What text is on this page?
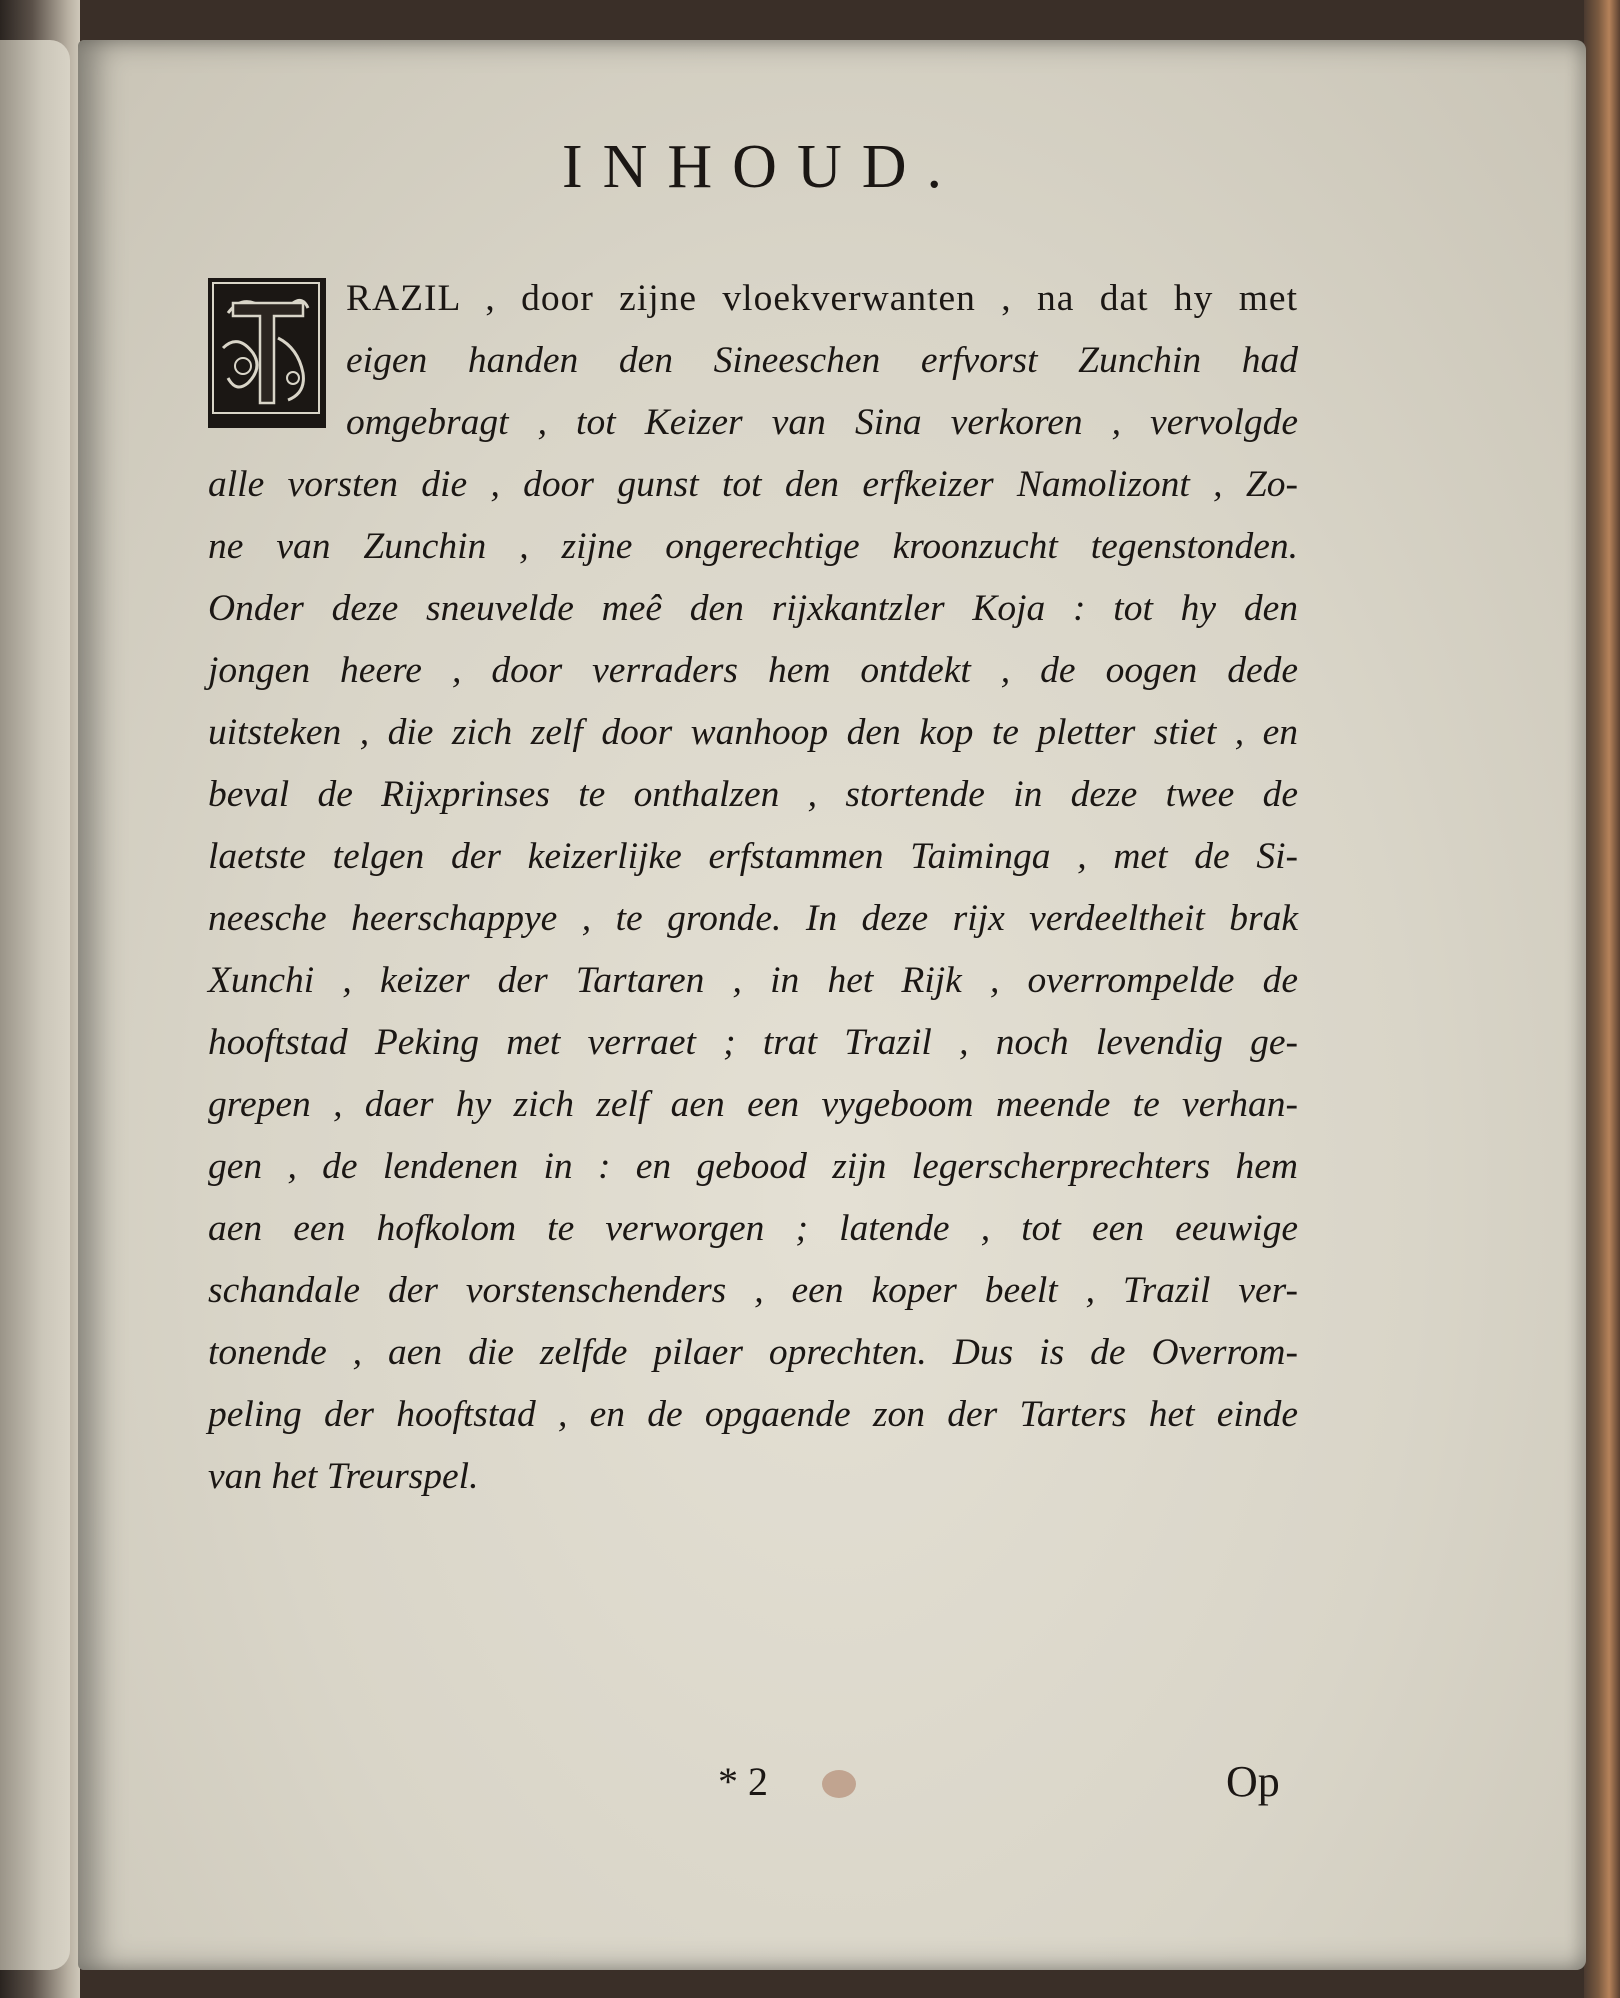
INHOUD.
T
RAZIL , door zijne vloekverwanten , na dat hy met
eigen handen den Sineeschen erfvorst Zunchin had
omgebragt , tot Keizer van Sina verkoren , vervolgde
alle vorsten die , door gunst tot den erfkeizer Namolizont , Zo-
ne van Zunchin , zijne ongerechtige kroonzucht tegenstonden.
Onder deze sneuvelde meê den rijxkantzler Koja : tot hy den
jongen heere , door verraders hem ontdekt , de oogen dede
uitsteken , die zich zelf door wanhoop den kop te pletter stiet , en
beval de Rijxprinses te onthalzen , stortende in deze twee de
laetste telgen der keizerlijke erfstammen Taiminga , met de Si-
neesche heerschappye , te gronde. In deze rijx verdeeltheit brak
Xunchi , keizer der Tartaren , in het Rijk , overrompelde de
hooftstad Peking met verraet ; trat Trazil , noch levendig ge-
grepen , daer hy zich zelf aen een vygeboom meende te verhan-
gen , de lendenen in : en gebood zijn legerscherprechters hem
aen een hofkolom te verworgen ; latende , tot een eeuwige
schandale der vorstenschenders , een koper beelt , Trazil ver-
tonende , aen die zelfde pilaer oprechten. Dus is de Overrom-
peling der hooftstad , en de opgaende zon der Tarters het einde
van het Treurspel.
* 2	Op
